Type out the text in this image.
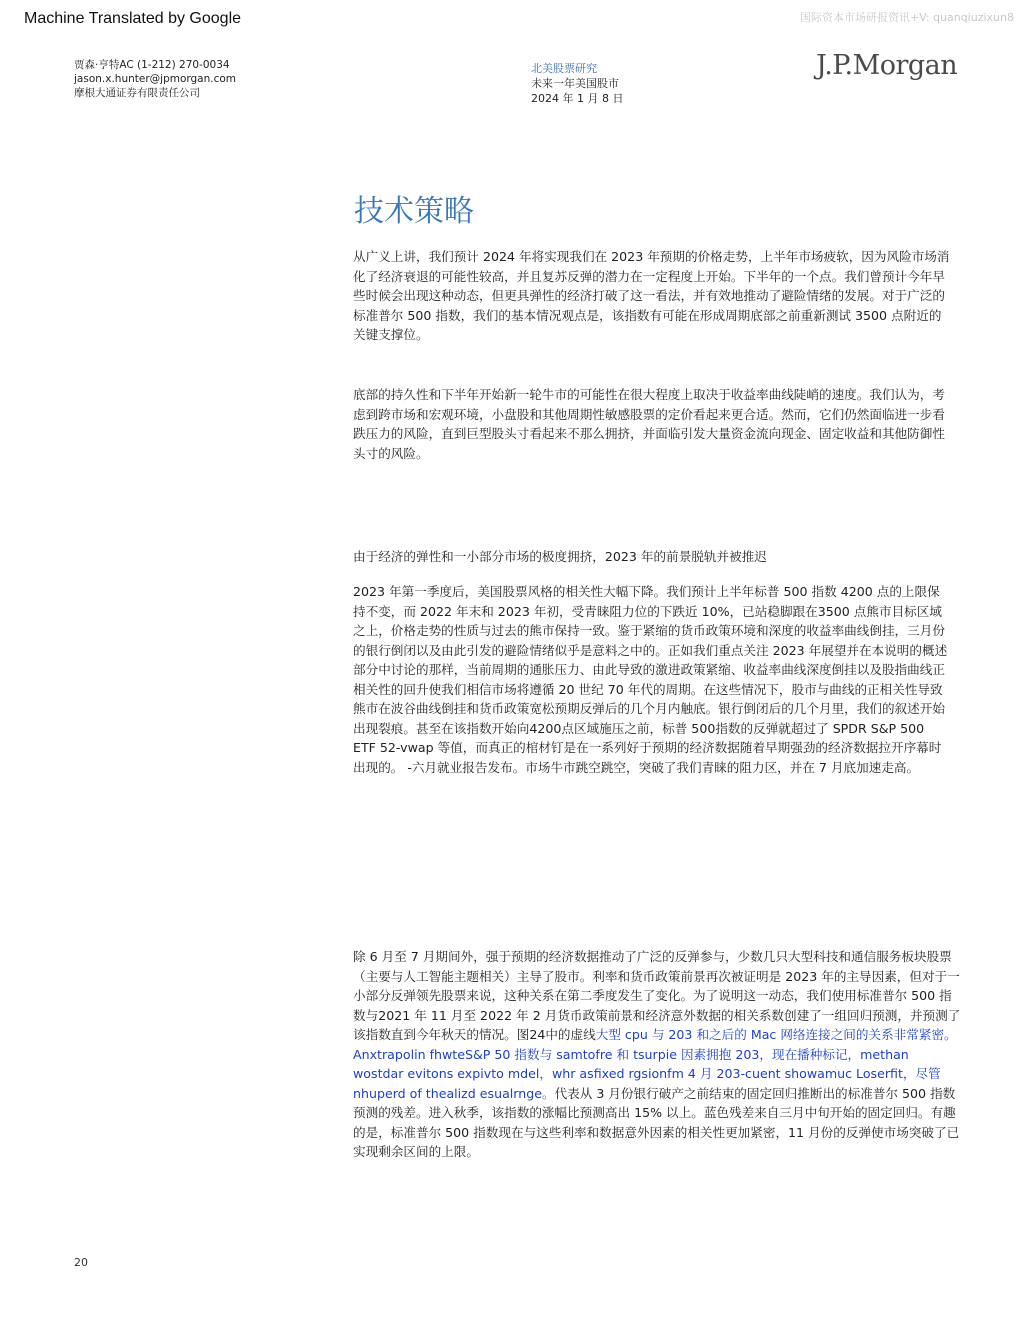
Machine Translated by Google	国际资本市场研报资讯+V: quanqiuzixun8
贾森·亨特AC (1-212) 270-0034
jason.x.hunter@jpmorgan.com
摩根大通证券有限责任公司
北美股票研究
未来一年美国股市
2024 年 1 月 8 日
J.P.Morgan
技术策略

从广义上讲，我们预计 2024 年将实现我们在 2023 年预期的价格走势，上半年市场疲软，因为风险市场消化了经济衰退的可能性较高，并且复苏反弹的潜力在一定程度上开始。下半年的一个点。我们曾预计今年早些时候会出现这种动态，但更具弹性的经济打破了这一看法，并有效地推动了避险情绪的发展。对于广泛的标准普尔 500 指数，我们的基本情况观点是，该指数有可能在形成周期底部之前重新测试 3500 点附近的关键支撑位。

底部的持久性和下半年开始新一轮牛市的可能性在很大程度上取决于收益率曲线陡峭的速度。我们认为，考虑到跨市场和宏观环境，小盘股和其他周期性敏感股票的定价看起来更合适。然而，它们仍然面临进一步看跌压力的风险，直到巨型股头寸看起来不那么拥挤，并面临引发大量资金流向现金、固定收益和其他防御性头寸的风险。

由于经济的弹性和一小部分市场的极度拥挤，2023 年的前景脱轨并被推迟

2023 年第一季度后，美国股票风格的相关性大幅下降。我们预计上半年标普 500 指数 4200 点的上限保持不变，而 2022 年末和 2023 年初，受青睐阻力位的下跌近 10%，已站稳脚跟在3500 点熊市目标区域之上，价格走势的性质与过去的熊市保持一致。鉴于紧缩的货币政策环境和深度的收益率曲线倒挂，三月份的银行倒闭以及由此引发的避险情绪似乎是意料之中的。正如我们重点关注 2023 年展望并在本说明的概述部分中讨论的那样，当前周期的通胀压力、由此导致的激进政策紧缩、收益率曲线深度倒挂以及股指曲线正相关性的回升使我们相信市场将遵循 20 世纪 70 年代的周期。在这些情况下，股市与曲线的正相关性导致熊市在波谷曲线倒挂和货币政策宽松预期反弹后的几个月内触底。银行倒闭后的几个月里，我们的叙述开始出现裂痕。甚至在该指数开始向4200点区域施压之前，标普 500指数的反弹就超过了 SPDR S&P 500 ETF 52-vwap 等值，而真正的棺材钉是在一系列好于预期的经济数据随着早期强劲的经济数据拉开序幕时出现的。 -六月就业报告发布。市场牛市跳空跳空，突破了我们青睐的阻力区，并在 7 月底加速走高。

除 6 月至 7 月期间外，强于预期的经济数据推动了广泛的反弹参与，少数几只大型科技和通信服务板块股票（主要与人工智能主题相关）主导了股市。利率和货币政策前景再次被证明是 2023 年的主导因素，但对于一小部分反弹领先股票来说，这种关系在第二季度发生了变化。为了说明这一动态，我们使用标准普尔 500 指数与2021 年 11 月至 2022 年 2 月货币政策前景和经济意外数据的相关系数创建了一组回归预测，并预测了该指数直到今年秋天的情况。图24中的虚线大型 cpu 与 203 和之后的 Mac 网络连接之间的关系非常紧密。 Anxtrapolin fhwteS&P 50 指数与 samtofre 和 tsurpie 因素拥抱 203，现在播种标记，methan wostdar evitons expivto mdel，whr asfixed rgsionfm 4 月 203-cuent showamuc Loserfit，尽管nhuperd of thealizd esualrnge。代表从 3 月份银行破产之前结束的固定回归推断出的标准普尔 500 指数预测的残差。进入秋季，该指数的涨幅比预测高出 15% 以上。蓝色残差来自三月中旬开始的固定回归。有趣的是，标准普尔 500 指数现在与这些利率和数据意外因素的相关性更加紧密，11 月份的反弹使市场突破了已实现剩余区间的上限。

20
